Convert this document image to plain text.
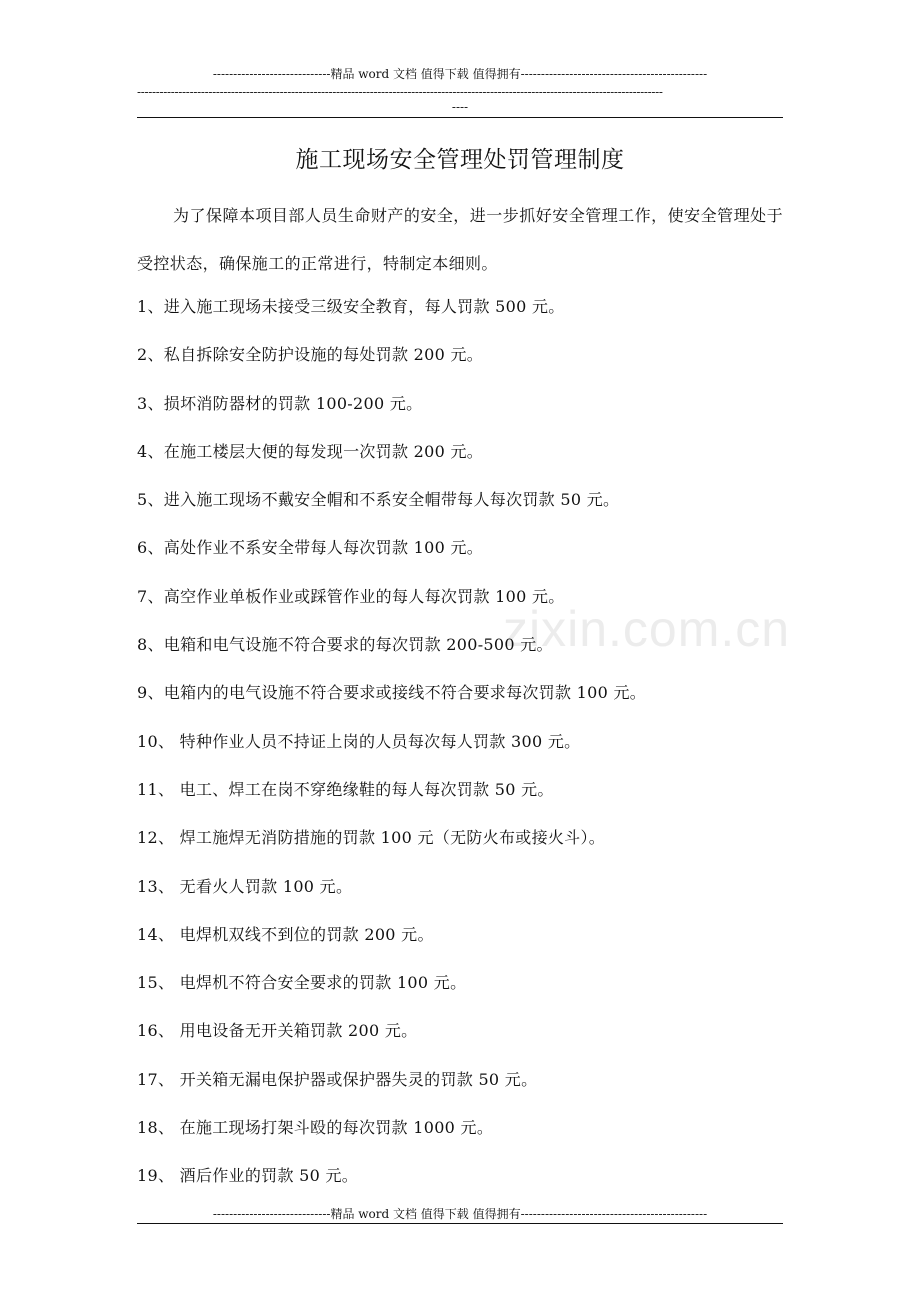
-----------------------------精品 word 文档 值得下载 值得拥有----------------------------------------------
--------------------------------------------------------------------------------------------------------------------------------------------
----
zixin.com.cn
施工现场安全管理处罚管理制度

为了保障本项目部人员生命财产的安全，进一步抓好安全管理工作，使安全管理处于受控状态，确保施工的正常进行，特制定本细则。

1、进入施工现场未接受三级安全教育，每人罚款 500 元。
2、私自拆除安全防护设施的每处罚款 200 元。
3、损坏消防器材的罚款 100-200 元。
4、在施工楼层大便的每发现一次罚款 200 元。
5、进入施工现场不戴安全帽和不系安全帽带每人每次罚款 50 元。
6、高处作业不系安全带每人每次罚款 100 元。
7、高空作业单板作业或踩管作业的每人每次罚款 100 元。
8、电箱和电气设施不符合要求的每次罚款 200-500 元。
9、电箱内的电气设施不符合要求或接线不符合要求每次罚款 100 元。
10、 特种作业人员不持证上岗的人员每次每人罚款 300 元。
11、 电工、焊工在岗不穿绝缘鞋的每人每次罚款 50 元。
12、 焊工施焊无消防措施的罚款 100 元（无防火布或接火斗）。
13、 无看火人罚款 100 元。
14、 电焊机双线不到位的罚款 200 元。
15、 电焊机不符合安全要求的罚款 100 元。
16、 用电设备无开关箱罚款 200 元。
17、 开关箱无漏电保护器或保护器失灵的罚款 50 元。
18、 在施工现场打架斗殴的每次罚款 1000 元。
19、 酒后作业的罚款 50 元。
-----------------------------精品 word 文档 值得下载 值得拥有----------------------------------------------
